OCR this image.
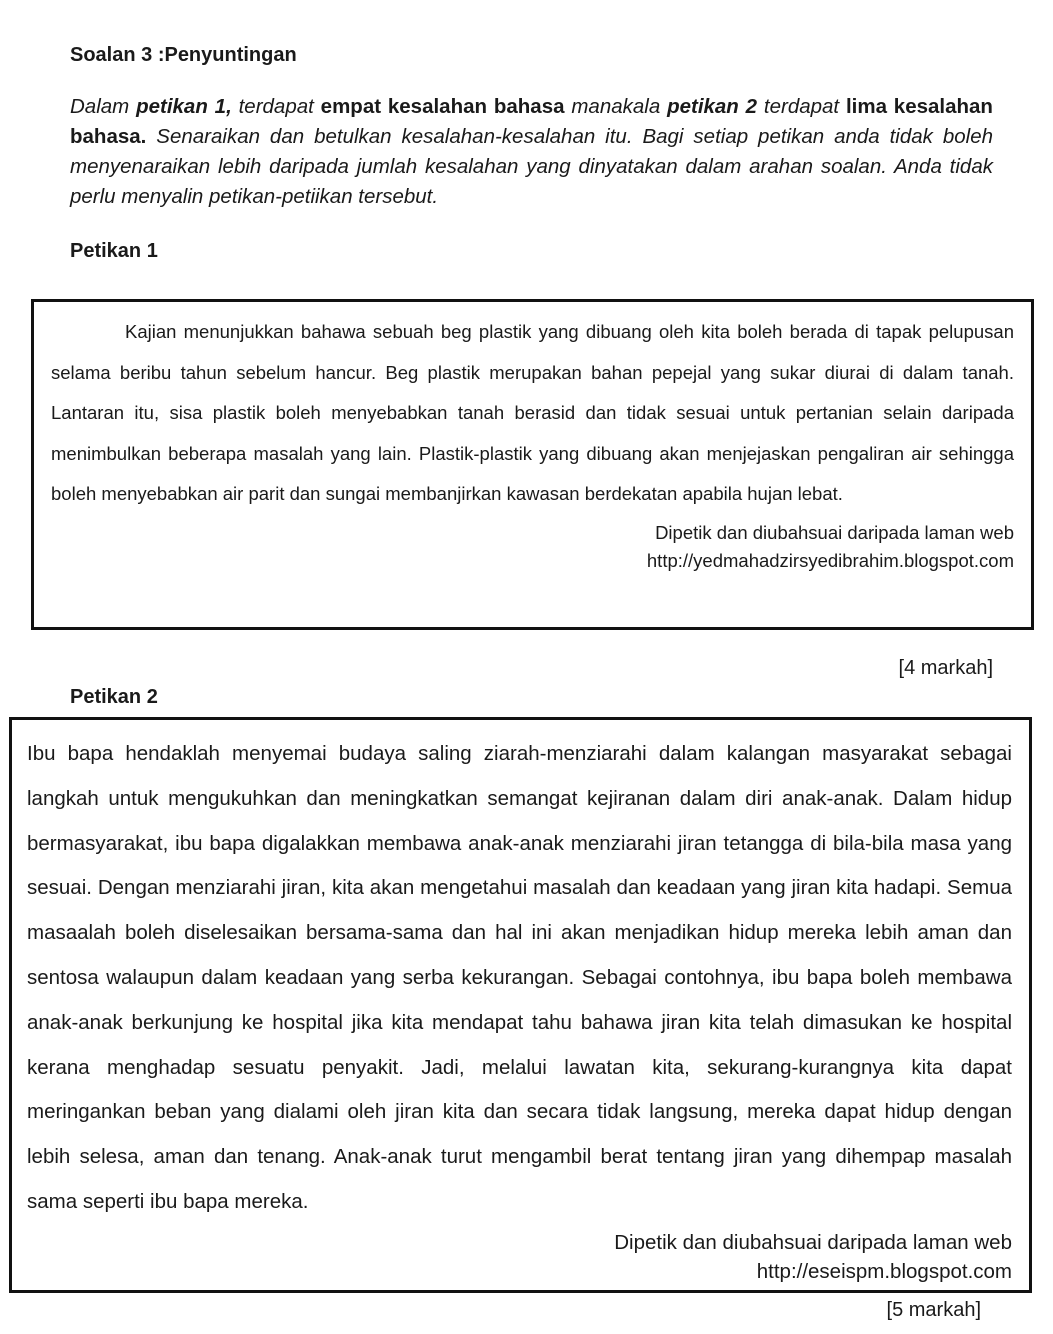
Soalan 3 :Penyuntingan
Dalam petikan 1, terdapat empat kesalahan bahasa manakala petikan 2 terdapat lima kesalahan bahasa. Senaraikan dan betulkan kesalahan-kesalahan itu. Bagi setiap petikan anda tidak boleh menyenaraikan lebih daripada jumlah kesalahan yang dinyatakan dalam arahan soalan. Anda tidak perlu menyalin petikan-petiikan tersebut.
Petikan 1
Kajian menunjukkan bahawa sebuah beg plastik yang dibuang oleh kita boleh berada di tapak pelupusan selama beribu tahun sebelum hancur. Beg plastik merupakan bahan pepejal yang sukar diurai di dalam tanah. Lantaran itu, sisa plastik boleh menyebabkan tanah berasid dan tidak sesuai untuk pertanian selain daripada menimbulkan beberapa masalah yang lain. Plastik-plastik yang dibuang akan menjejaskan pengaliran air sehingga boleh menyebabkan air parit dan sungai membanjirkan kawasan berdekatan apabila hujan lebat.
Dipetik dan diubahsuai daripada laman web
http://yedmahadzirsyedibrahim.blogspot.com
[4 markah]
Petikan 2
Ibu bapa hendaklah menyemai budaya saling ziarah-menziarahi dalam kalangan masyarakat sebagai langkah untuk mengukuhkan dan meningkatkan semangat kejiranan dalam diri anak-anak. Dalam hidup bermasyarakat, ibu bapa digalakkan membawa anak-anak menziarahi jiran tetangga di bila-bila masa yang sesuai. Dengan menziarahi jiran, kita akan mengetahui masalah dan keadaan yang jiran kita hadapi. Semua masaalah boleh diselesaikan bersama-sama dan hal ini akan menjadikan hidup mereka lebih aman dan sentosa walaupun dalam keadaan yang serba kekurangan. Sebagai contohnya, ibu bapa boleh membawa anak-anak berkunjung ke hospital jika kita mendapat tahu bahawa jiran kita telah dimasukan ke hospital kerana menghadap sesuatu penyakit. Jadi, melalui lawatan kita, sekurang-kurangnya kita dapat meringankan beban yang dialami oleh jiran kita dan secara tidak langsung, mereka dapat hidup dengan lebih selesa, aman dan tenang. Anak-anak turut mengambil berat tentang jiran yang dihempap masalah sama seperti ibu bapa mereka.
Dipetik dan diubahsuai daripada laman web
http://eseispm.blogspot.com
[5 markah]
